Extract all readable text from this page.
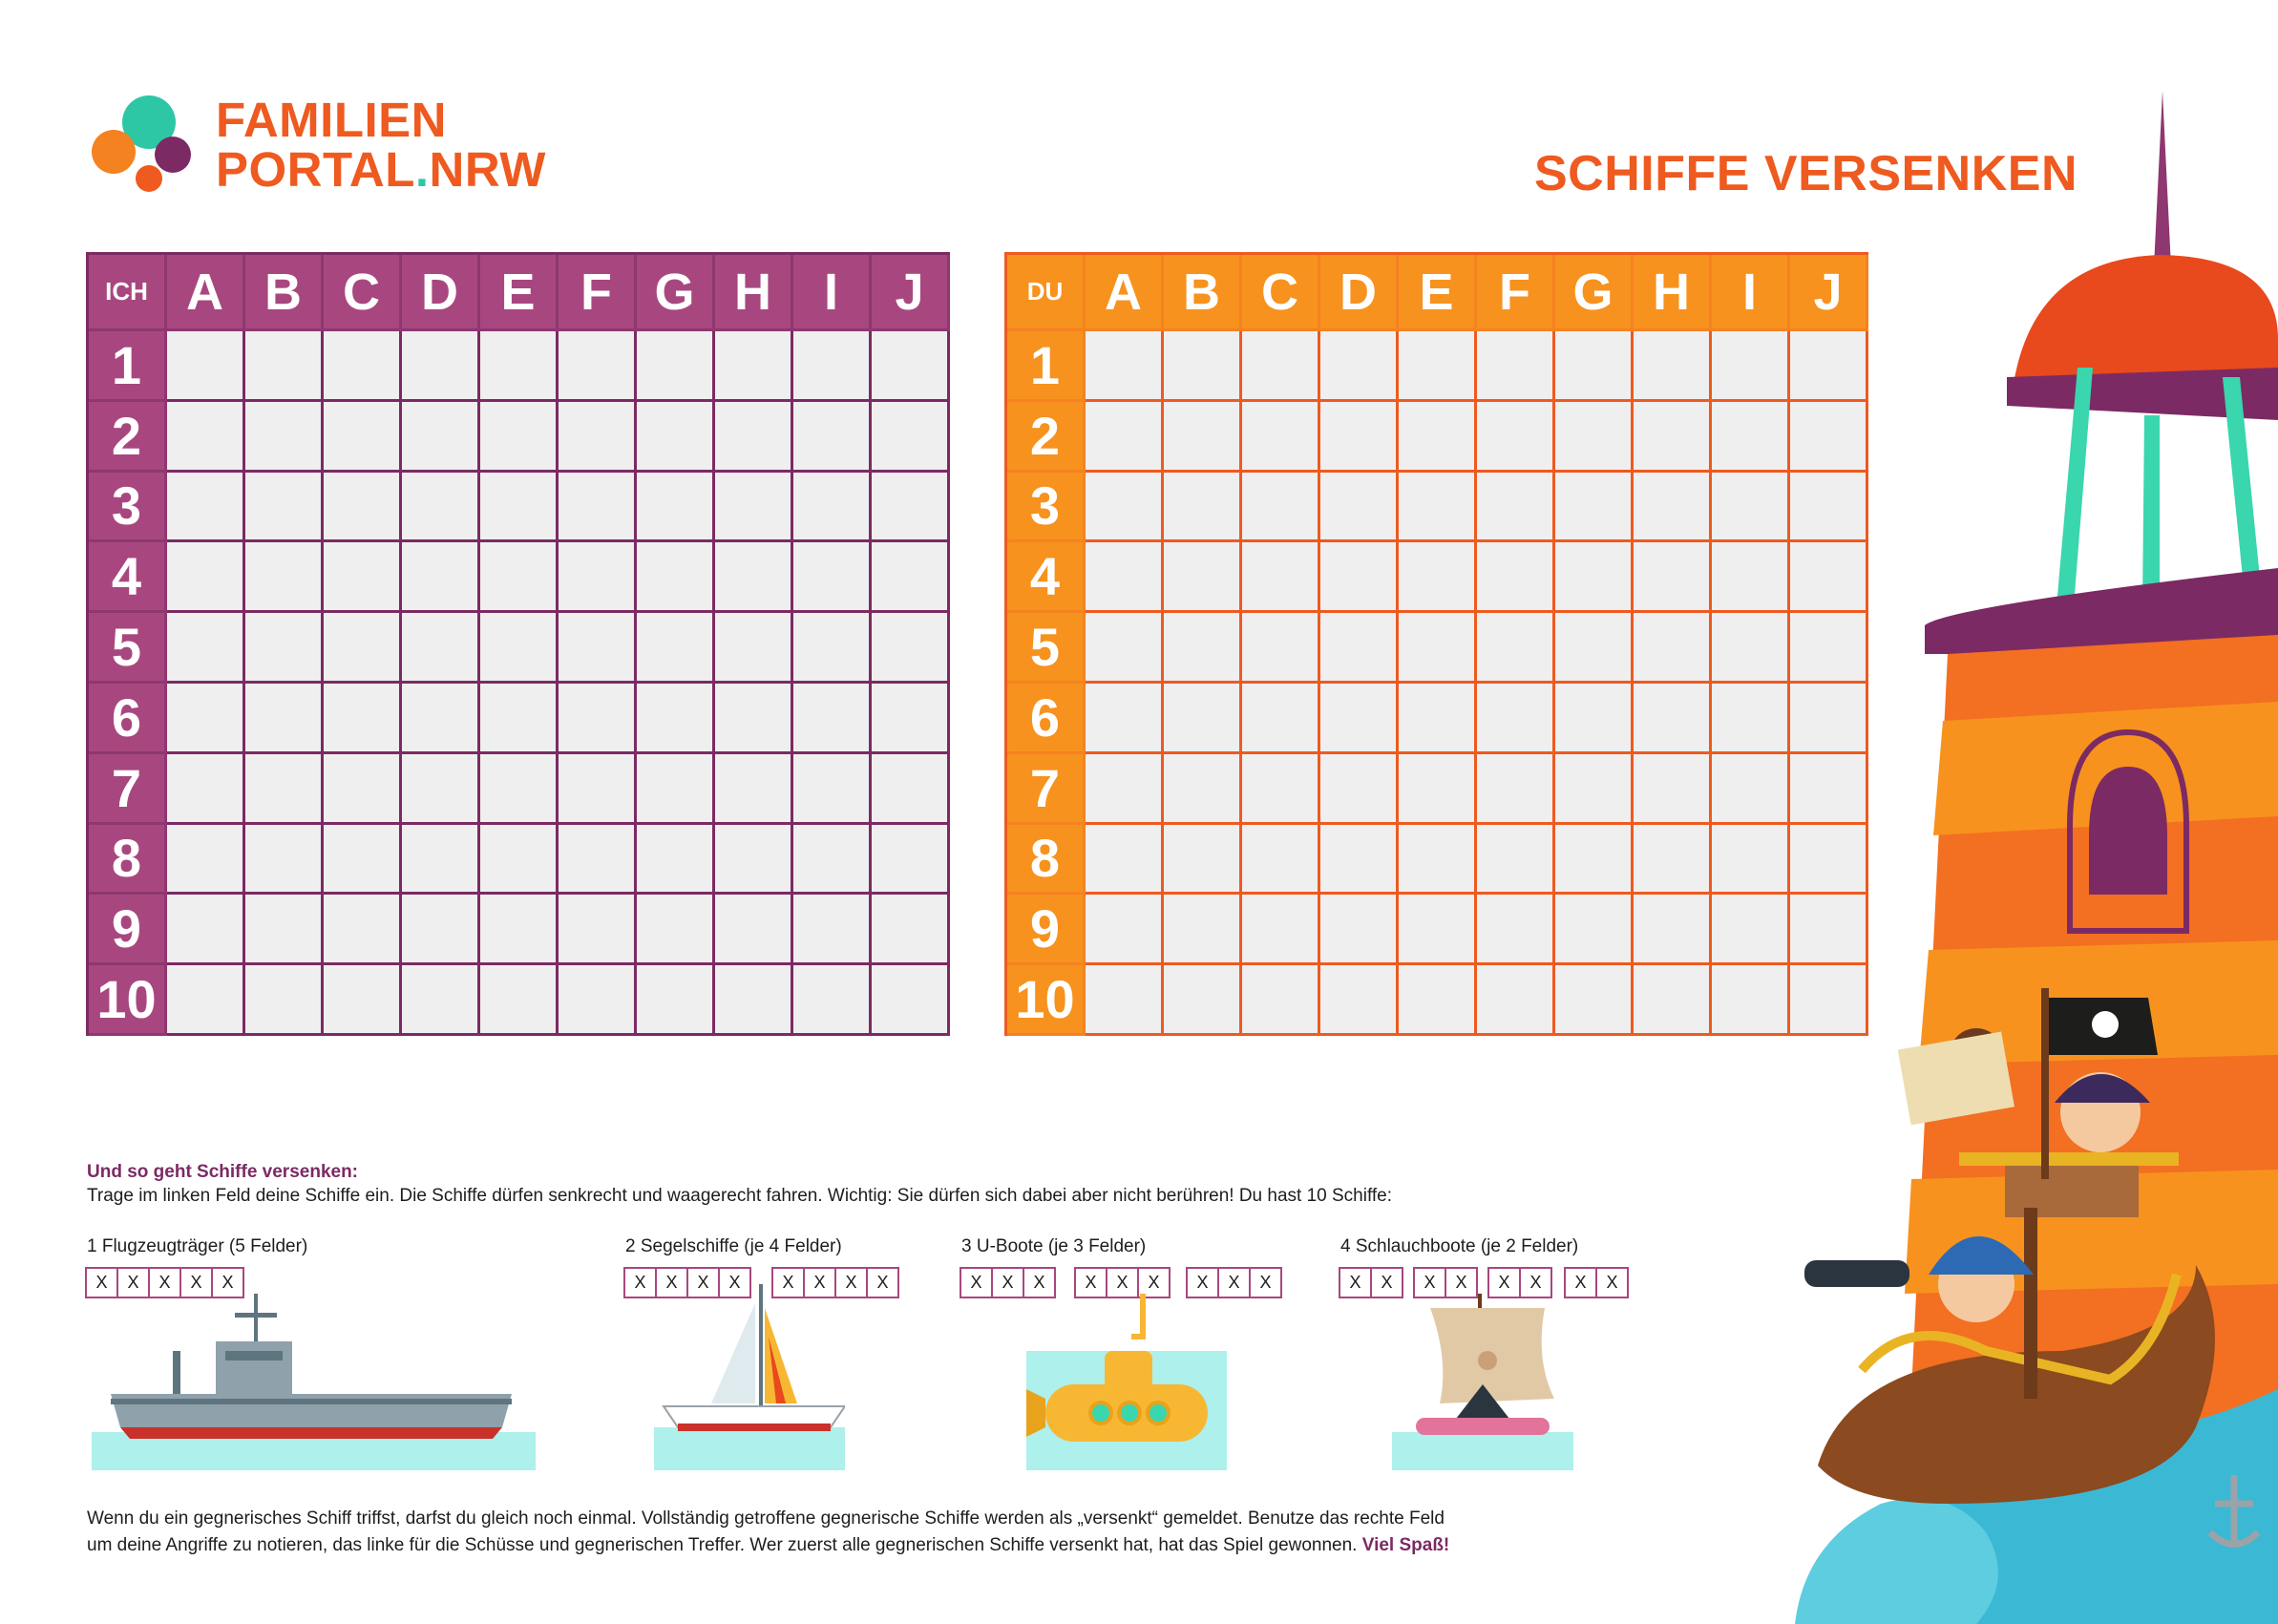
FAMILIEN
PORTAL.NRW	SCHIFFE VERSENKEN
ICH A B C D E F G H	I	J
1
2
3
4
5
6
7
8
9
10
DU A B C D E F G H	I	J
1
2
3
4
5
6
7
8
9
10
Und so geht Schiffe versenken:
Trage im linken Feld deine Schiffe ein. Die Schiffe dürfen senkrecht und waagerecht fahren. Wichtig: Sie dürfen sich dabei aber nicht berühren! Du hast 10 Schiffe:
1 Flugzeugträger (5 Felder)	2 Segelschiffe (je 4 Felder)	3 U-Boote (je 3 Felder)	4 Schlauchboote (je 2 Felder)
X	X	X	X	X	X	X	X	X	X	X	X	X	X	X	X	X	X	X	X	X	X	X	X	X	X	X	X	X	X
Wenn du ein gegnerisches Schiff triffst, darfst du gleich noch einmal. Vollständig getroffene gegnerische Schiffe werden als „versenkt“ gemeldet. Benutze das rechte Feld
um deine Angriffe zu notieren, das linke für die Schüsse und gegnerischen Treffer. Wer zuerst alle gegnerischen Schiffe versenkt hat, hat das Spiel gewonnen. Viel Spaß!
